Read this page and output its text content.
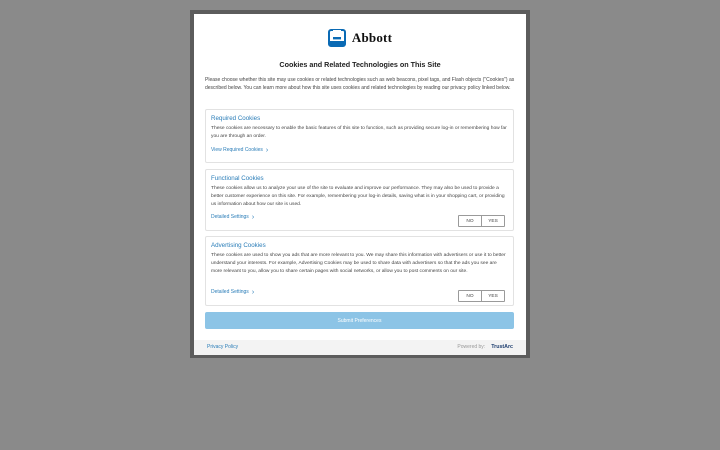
Abbott
Cookies and Related Technologies on This Site
Please choose whether this site may use cookies or related technologies such as web beacons, pixel tags, and Flash objects ("Cookies") as described below. You can learn more about how this site uses cookies and related technologies by reading our privacy policy linked below.
Required Cookies
These cookies are necessary to enable the basic features of this site to function, such as providing secure log-in or remembering how far you are through an order.
View Required Cookies ›
Functional Cookies
These cookies allow us to analyze your use of the site to evaluate and improve our performance. They may also be used to provide a better customer experience on this site. For example, remembering your log-in details, saving what is in your shopping cart, or providing us information about how our site is used.
Detailed Settings ›
NO	YES
Advertising Cookies
These cookies are used to show you ads that are more relevant to you. We may share this information with advertisers or use it to better understand your interests. For example, Advertising Cookies may be used to share data with advertisers so that the ads you see are more relevant to you, allow you to share certain pages with social networks, or allow you to post comments on our site.
Detailed Settings ›
NO	YES
Submit Preferences
Privacy Policy	Powered by: TrustArc
